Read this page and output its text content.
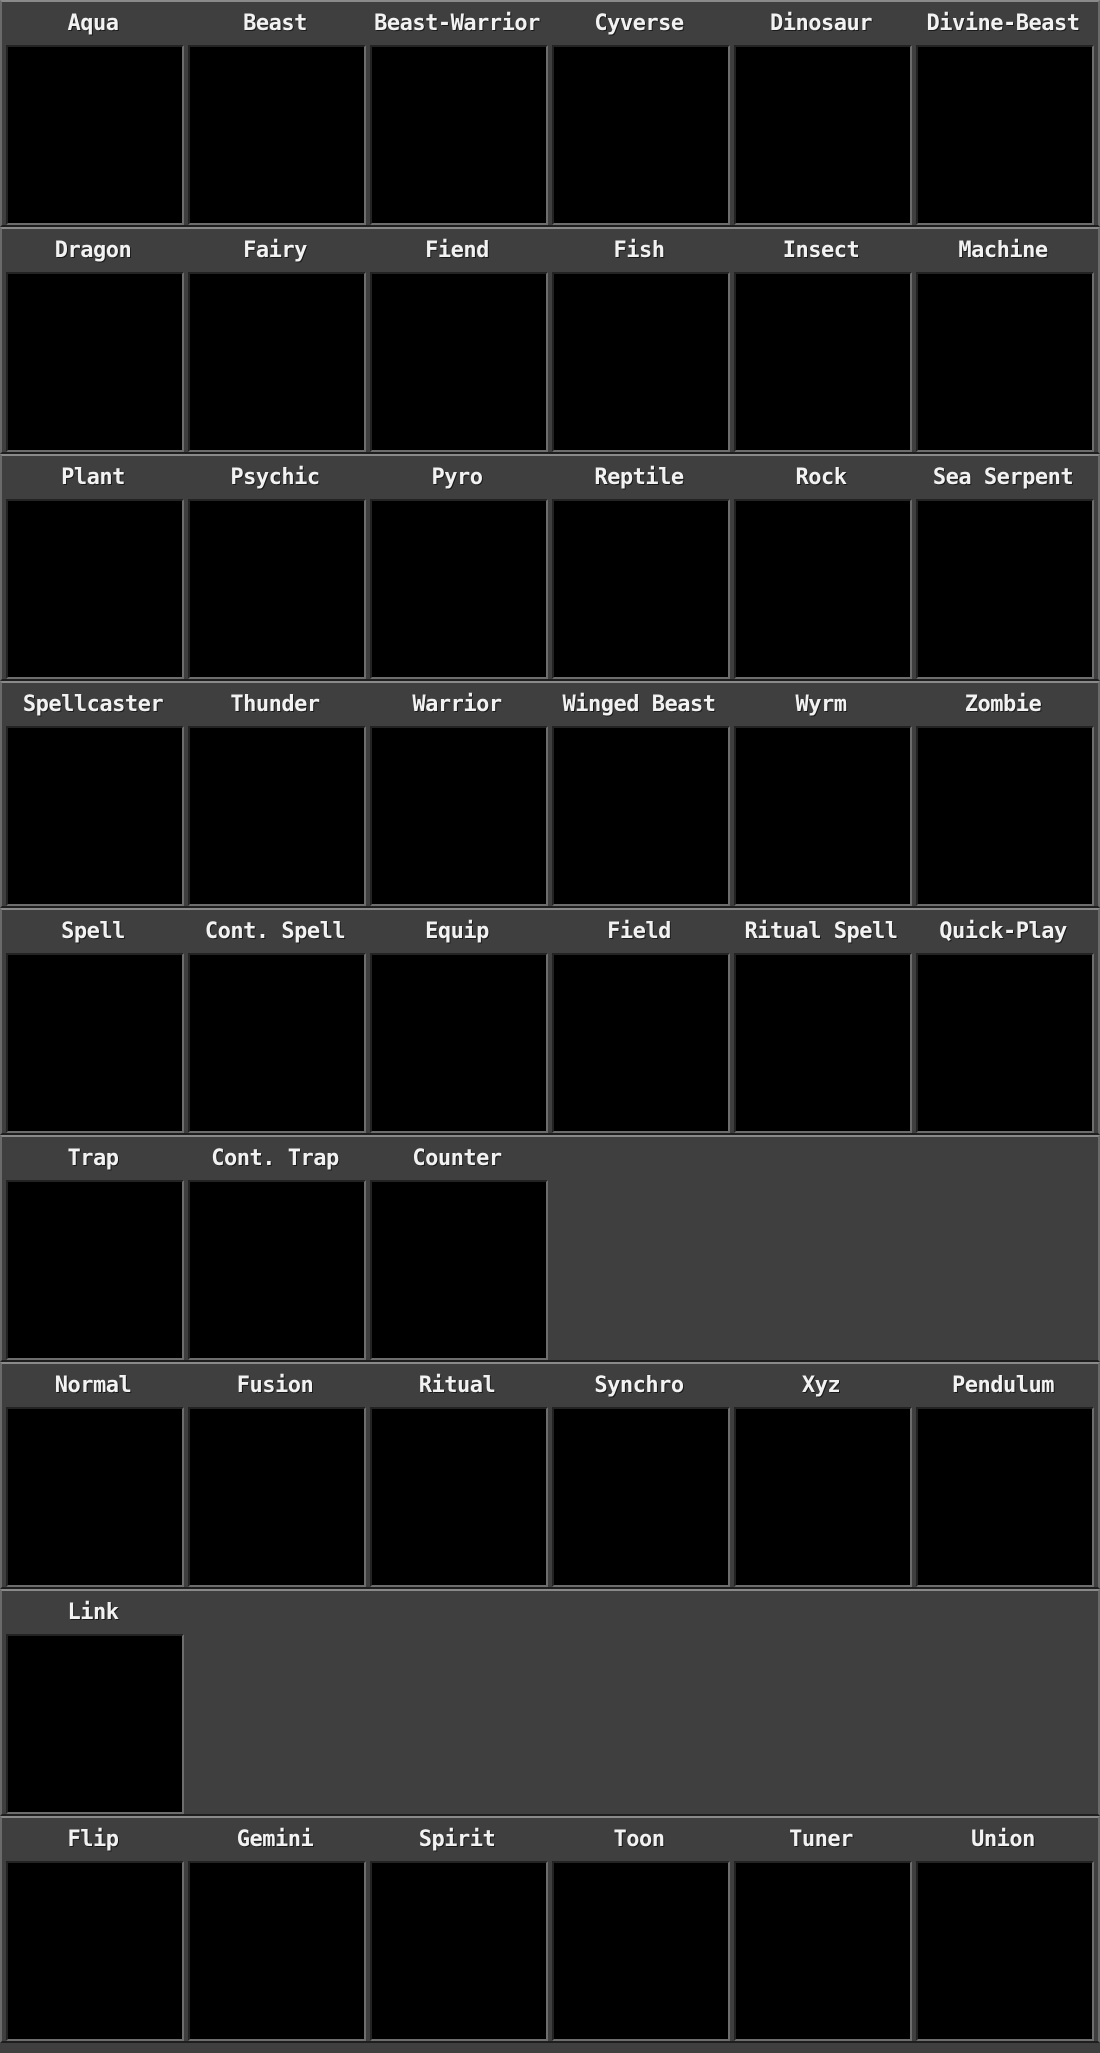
Aqua	Beast	Beast-Warrior	Cyverse	Dinosaur	Divine-Beast
Dragon	Fairy	Fiend	Fish	Insect	Machine
Plant	Psychic	Pyro	Reptile	Rock	Sea Serpent
Spellcaster	Thunder	Warrior	Winged Beast	Wyrm	Zombie
Spell	Cont. Spell	Equip	Field	Ritual Spell	Quick-Play
Trap	Cont. Trap	Counter
Normal	Fusion	Ritual	Synchro	Xyz	Pendulum
Link
Flip	Gemini	Spirit	Toon	Tuner	Union
